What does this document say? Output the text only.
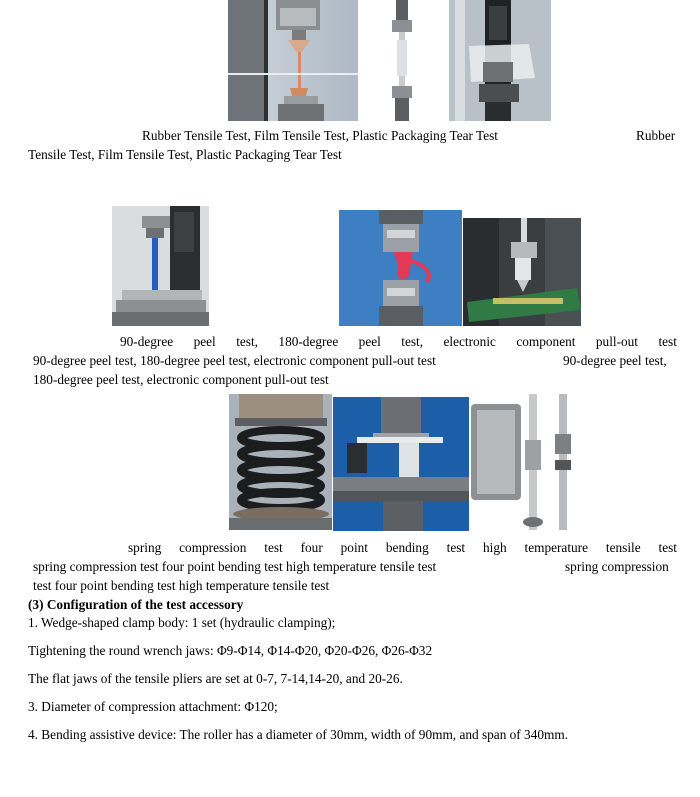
Rubber Tensile Test, Film Tensile Test, Plastic Packaging Tear Test	Rubber
Tensile Test, Film Tensile Test, Plastic Packaging Tear Test
90-degree peel test, 180-degree peel test, electronic component pull-out test
90-degree peel test, 180-degree peel test, electronic component pull-out test	90-degree peel test,
180-degree peel test, electronic component pull-out test
spring compression test four point bending test high temperature tensile test
spring compression test four point bending test high temperature tensile test	spring compression
test four point bending test high temperature tensile test
(3) Configuration of the test accessory
1. Wedge-shaped clamp body: 1 set (hydraulic clamping);
Tightening the round wrench jaws: Φ9-Φ14, Φ14-Φ20, Φ20-Φ26, Φ26-Φ32
The flat jaws of the tensile pliers are set at 0-7, 7-14,14-20, and 20-26.
3. Diameter of compression attachment: Φ120;
4. Bending assistive device: The roller has a diameter of 30mm, width of 90mm, and span of 340mm.
